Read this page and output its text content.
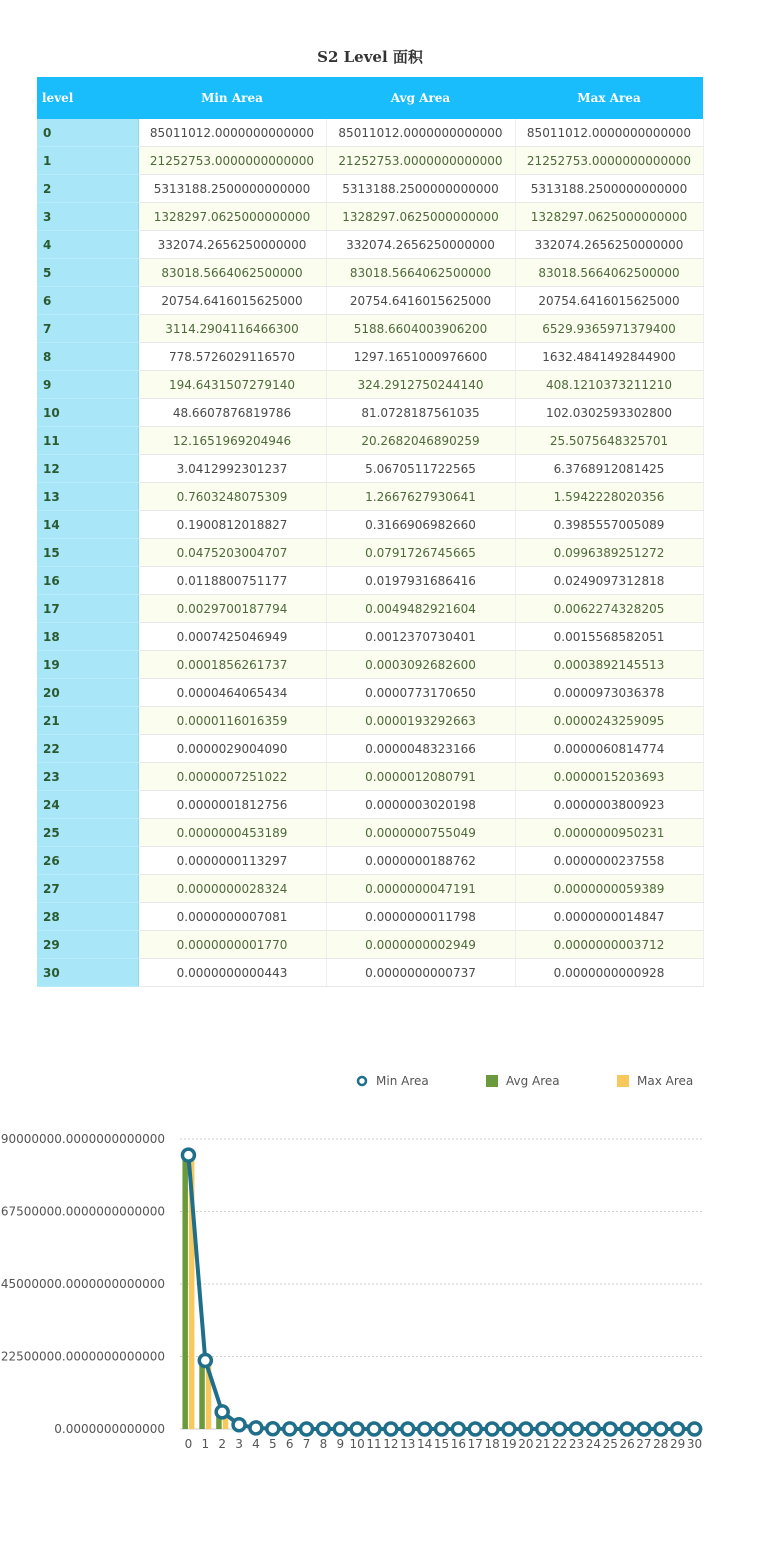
S2 Level 面积
level	Min Area	Avg Area	Max Area
0	85011012.0000000000000	85011012.0000000000000	85011012.0000000000000
1	21252753.0000000000000	21252753.0000000000000	21252753.0000000000000
2	5313188.2500000000000	5313188.2500000000000	5313188.2500000000000
3	1328297.0625000000000	1328297.0625000000000	1328297.0625000000000
4	332074.2656250000000	332074.2656250000000	332074.2656250000000
5	83018.5664062500000	83018.5664062500000	83018.5664062500000
6	20754.6416015625000	20754.6416015625000	20754.6416015625000
7	3114.2904116466300	5188.6604003906200	6529.9365971379400
8	778.5726029116570	1297.1651000976600	1632.4841492844900
9	194.6431507279140	324.2912750244140	408.1210373211210
10	48.6607876819786	81.0728187561035	102.0302593302800
11	12.1651969204946	20.2682046890259	25.5075648325701
12	3.0412992301237	5.0670511722565	6.3768912081425
13	0.7603248075309	1.2667627930641	1.5942228020356
14	0.1900812018827	0.3166906982660	0.3985557005089
15	0.0475203004707	0.0791726745665	0.0996389251272
16	0.0118800751177	0.0197931686416	0.0249097312818
17	0.0029700187794	0.0049482921604	0.0062274328205
18	0.0007425046949	0.0012370730401	0.0015568582051
19	0.0001856261737	0.0003092682600	0.0003892145513
20	0.0000464065434	0.0000773170650	0.0000973036378
21	0.0000116016359	0.0000193292663	0.0000243259095
22	0.0000029004090	0.0000048323166	0.0000060814774
23	0.0000007251022	0.0000012080791	0.0000015203693
24	0.0000001812756	0.0000003020198	0.0000003800923
25	0.0000000453189	0.0000000755049	0.0000000950231
26	0.0000000113297	0.0000000188762	0.0000000237558
27	0.0000000028324	0.0000000047191	0.0000000059389
28	0.0000000007081	0.0000000011798	0.0000000014847
29	0.0000000001770	0.0000000002949	0.0000000003712
30	0.0000000000443	0.0000000000737	0.0000000000928
Min Area	Avg Area	Max Area
0.0000000000000
22500000.0000000000000
45000000.0000000000000
67500000.0000000000000
90000000.0000000000000
0 1 2 3 4 5 6 7 8 9 10 11 12 13 14 15 16 17 18 19 20 21 22 23 24 25 26 27 28 29 30
